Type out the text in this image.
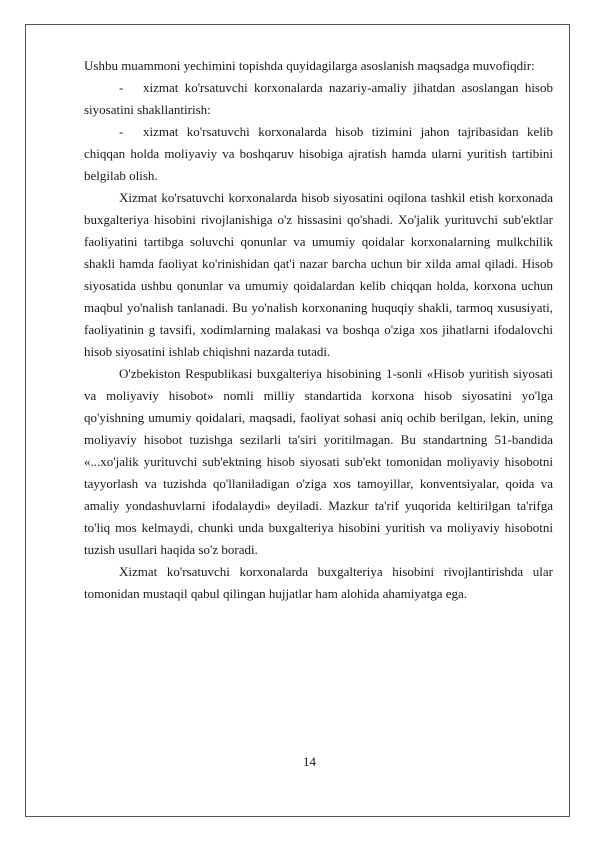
Ushbu muammoni yechimini topishda quyidagilarga asoslanish maqsadga muvofiqdir:

- xizmat ko'rsatuvchi korxonalarda nazariy-amaliy jihatdan asoslangan hisob siyosatini shakllantirish:

- xizmat ko'rsatuvchi korxonalarda hisob tizimini jahon tajribasidan kelib chiqqan holda moliyaviy va boshqaruv hisobiga ajratish hamda ularni yuritish tartibini belgilab olish.

Xizmat ko'rsatuvchi korxonalarda hisob siyosatini oqilona tashkil etish korxonada buxgalteriya hisobini rivojlanishiga o'z hissasini qo'shadi. Xo'jalik yurituvchi sub'ektlar faoliyatini tartibga soluvchi qonunlar va umumiy qoidalar korxonalarning mulkchilik shakli hamda faoliyat ko'rinishidan qat'i nazar barcha uchun bir xilda amal qiladi. Hisob siyosatida ushbu qonunlar va umumiy qoidalardan kelib chiqqan holda, korxona uchun maqbul yo'nalish tanlanadi. Bu yo'nalish korxonaning huquqiy shakli, tarmoq xususiyati, faoliyatinin g tavsifi, xodimlarning malakasi va boshqa o'ziga xos jihatlarni ifodalovchi hisob siyosatini ishlab chiqishni nazarda tutadi.

O'zbekiston Respublikasi buxgalteriya hisobining 1-sonli «Hisob yuritish siyosati va moliyaviy hisobot» nomli milliy standartida korxona hisob siyosatini yo'lga qo'yishning umumiy qoidalari, maqsadi, faoliyat sohasi aniq ochib berilgan, lekin, uning moliyaviy hisobot tuzishga sezilarli ta'siri yoritilmagan. Bu standartning 51-bandida «...xo'jalik yurituvchi sub'ektning hisob siyosati sub'ekt tomonidan moliyaviy hisobotni tayyorlash va tuzishda qo'llaniladigan o'ziga xos tamoyillar, konventsiyalar, qoida va amaliy yondashuvlarni ifodalaydi» deyiladi. Mazkur ta'rif yuqorida keltirilgan ta'rifga to'liq mos kelmaydi, chunki unda buxgalteriya hisobini yuritish va moliyaviy hisobotni tuzish usullari haqida so'z boradi.

Xizmat ko'rsatuvchi korxonalarda buxgalteriya hisobini rivojlantirishda ular tomonidan mustaqil qabul qilingan hujjatlar ham alohida ahamiyatga ega.

14
